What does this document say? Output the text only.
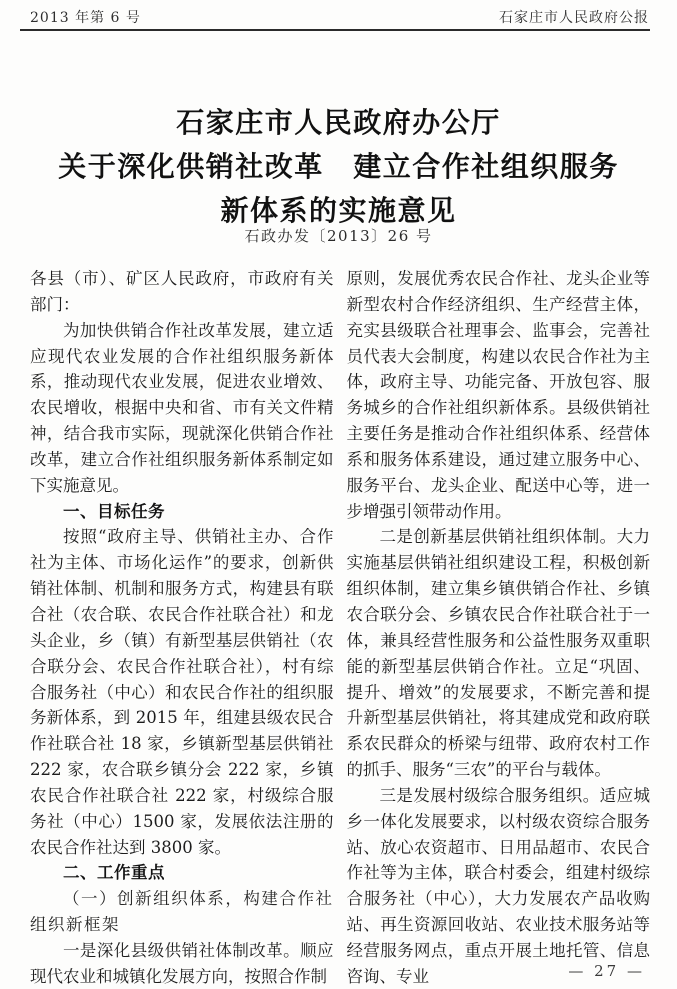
2013 年第 6 号	石家庄市人民政府公报
石家庄市人民政府办公厅
关于深化供销社改革　建立合作社组织服务
新体系的实施意见
石政办发〔2013〕26 号

各县（市）、矿区人民政府，市政府有关部门：

为加快供销合作社改革发展，建立适应现代农业发展的合作社组织服务新体系，推动现代农业发展，促进农业增效、农民增收，根据中央和省、市有关文件精神，结合我市实际，现就深化供销合作社改革，建立合作社组织服务新体系制定如下实施意见。

一、目标任务

按照“政府主导、供销社主办、合作社为主体、市场化运作”的要求，创新供销社体制、机制和服务方式，构建县有联合社（农合联、农民合作社联合社）和龙头企业，乡（镇）有新型基层供销社（农合联分会、农民合作社联合社），村有综合服务社（中心）和农民合作社的组织服务新体系，到 2015 年，组建县级农民合作社联合社 18 家，乡镇新型基层供销社 222 家，农合联乡镇分会 222 家，乡镇农民合作社联合社 222 家，村级综合服务社（中心）1500 家，发展依法注册的农民合作社达到 3800 家。

二、工作重点

（一）创新组织体系，构建合作社组织新框架

一是深化县级供销社体制改革。顺应现代农业和城镇化发展方向，按照合作制

原则，发展优秀农民合作社、龙头企业等新型农村合作经济组织、生产经营主体，充实县级联合社理事会、监事会，完善社员代表大会制度，构建以农民合作社为主体，政府主导、功能完备、开放包容、服务城乡的合作社组织新体系。县级供销社主要任务是推动合作社组织体系、经营体系和服务体系建设，通过建立服务中心、服务平台、龙头企业、配送中心等，进一步增强引领带动作用。

二是创新基层供销社组织体制。大力实施基层供销社组织建设工程，积极创新组织体制，建立集乡镇供销合作社、乡镇农合联分会、乡镇农民合作社联合社于一体，兼具经营性服务和公益性服务双重职能的新型基层供销合作社。立足“巩固、提升、增效”的发展要求，不断完善和提升新型基层供销社，将其建成党和政府联系农民群众的桥梁与纽带、政府农村工作的抓手、服务“三农”的平台与载体。

三是发展村级综合服务组织。适应城乡一体化发展要求，以村级农资综合服务站、放心农资超市、日用品超市、农民合作社等为主体，联合村委会，组建村级综合服务社（中心），大力发展农产品收购站、再生资源回收站、农业技术服务站等经营服务网点，重点开展土地托管、信息咨询、专业	— 27 —
